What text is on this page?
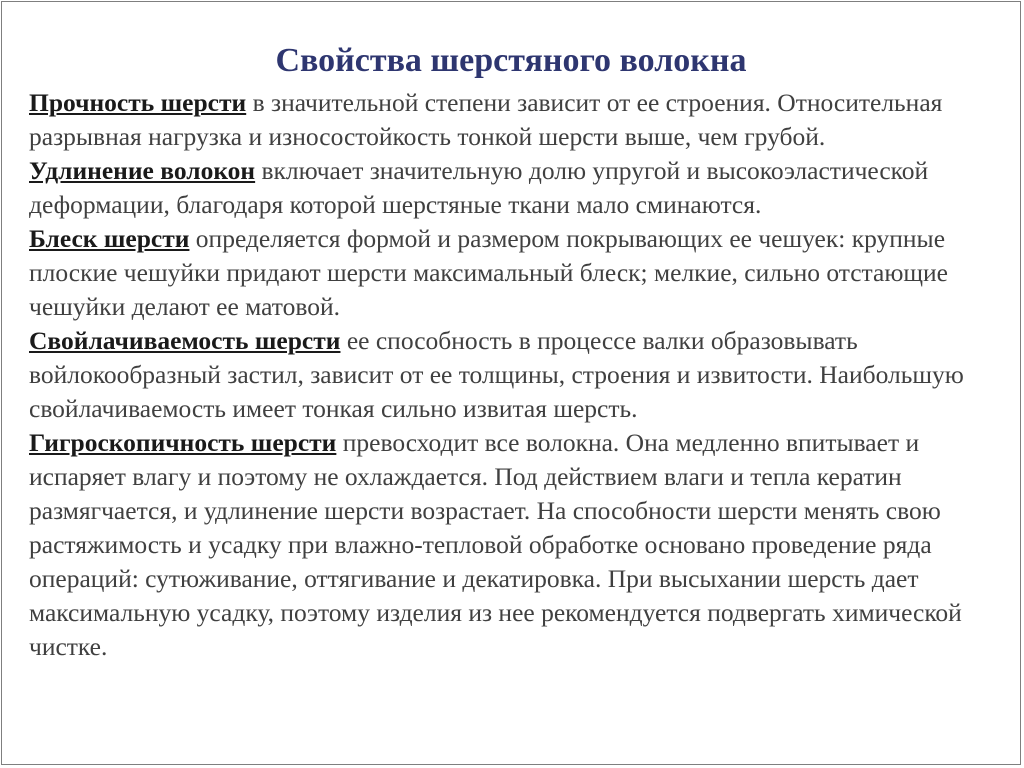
Свойства шерстяного волокна

Прочность шерсти в значительной степени зависит от ее строения. Относительная разрывная нагрузка и износостойкость тонкой шерсти выше, чем грубой.

Удлинение волокон включает значительную долю упругой и высокоэластической деформации, благодаря которой шерстяные ткани мало сминаются.

Блеск шерсти определяется формой и размером покрывающих ее чешуек: крупные плоские чешуйки придают шерсти максимальный блеск; мелкие, сильно отстающие чешуйки делают ее матовой.

Свойлачиваемость шерсти ее способность в процессе валки образовывать войлокообразный застил, зависит от ее толщины, строения и извитости. Наибольшую свойлачиваемость имеет тонкая сильно извитая шерсть.

Гигроскопичность шерсти превосходит все волокна. Она медленно впитывает и испаряет влагу и поэтому не охлаждается. Под действием влаги и тепла кератин размягчается, и удлинение шерсти возрастает. На способности шерсти менять свою растяжимость и усадку при влажно-тепловой обработке основано проведение ряда операций: сутюживание, оттягивание и декатировка. При высыхании шерсть дает максимальную усадку, поэтому изделия из нее рекомендуется подвергать химической чистке.
